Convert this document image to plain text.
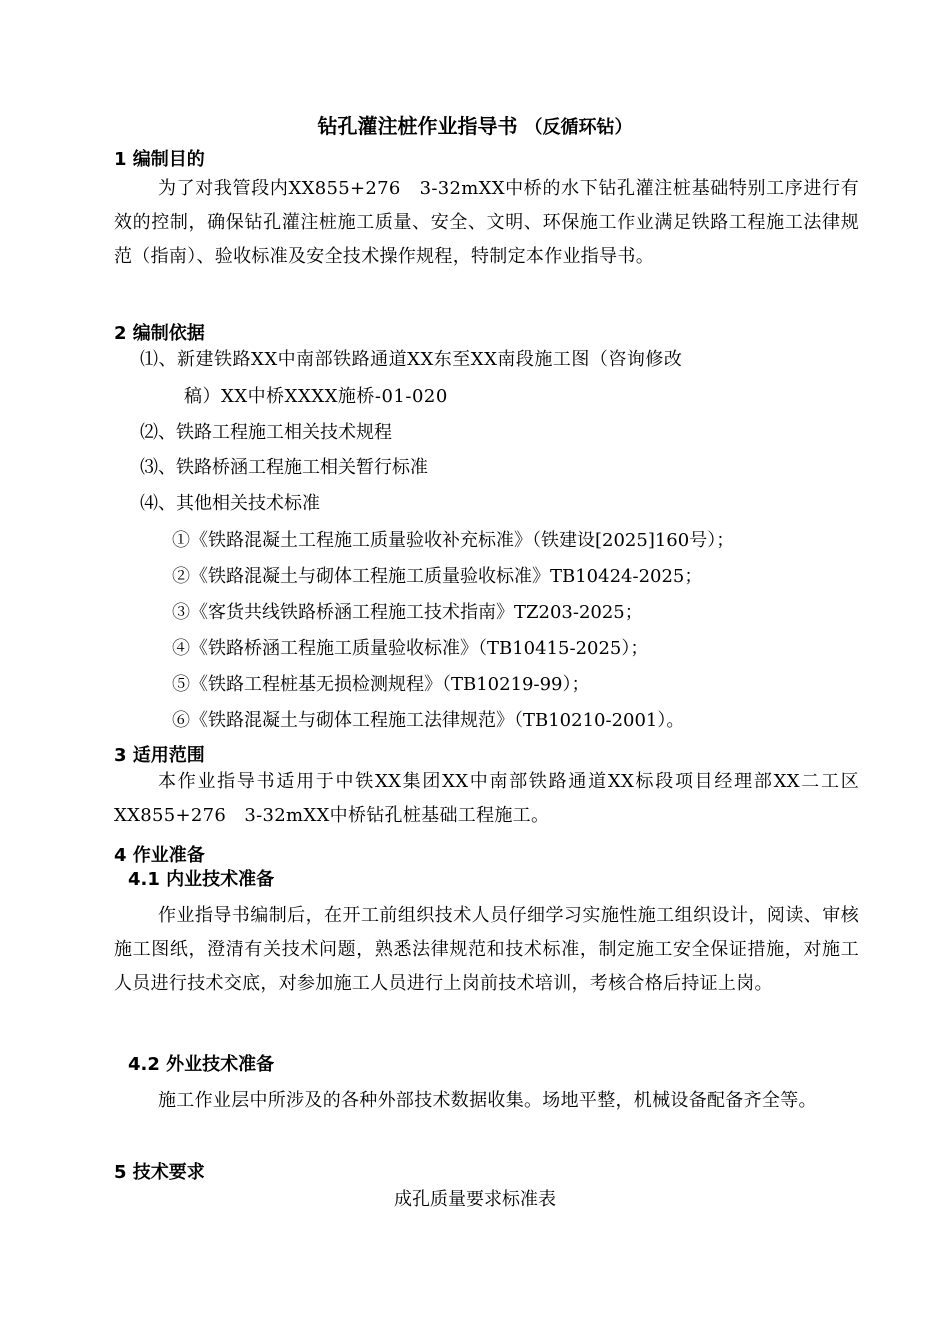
钻孔灌注桩作业指导书 （反循环钻）
1 编制目的
为了对我管段内XX855+276　3-32mXX中桥的水下钻孔灌注桩基础特别工序进行有效的控制，确保钻孔灌注桩施工质量、安全、文明、环保施工作业满足铁路工程施工法律规范（指南）、验收标准及安全技术操作规程，特制定本作业指导书。
2 编制依据
⑴、新建铁路XX中南部铁路通道XX东至XX南段施工图（咨询修改
稿）XX中桥XXXX施桥-01-020
⑵、铁路工程施工相关技术规程
⑶、铁路桥涵工程施工相关暂行标准
⑷、其他相关技术标准
①《铁路混凝土工程施工质量验收补充标准》（铁建设[2025]160号）；
②《铁路混凝土与砌体工程施工质量验收标准》TB10424-2025；
③《客货共线铁路桥涵工程施工技术指南》TZ203-2025；
④《铁路桥涵工程施工质量验收标准》（TB10415-2025）；
⑤《铁路工程桩基无损检测规程》（TB10219-99）；
⑥《铁路混凝土与砌体工程施工法律规范》（TB10210-2001）。
3 适用范围
本作业指导书适用于中铁XX集团XX中南部铁路通道XX标段项目经理部XX二工区XX855+276　3-32mXX中桥钻孔桩基础工程施工。
4 作业准备
4.1 内业技术准备
作业指导书编制后，在开工前组织技术人员仔细学习实施性施工组织设计，阅读、审核施工图纸，澄清有关技术问题，熟悉法律规范和技术标准，制定施工安全保证措施，对施工人员进行技术交底，对参加施工人员进行上岗前技术培训，考核合格后持证上岗。
4.2 外业技术准备
施工作业层中所涉及的各种外部技术数据收集。场地平整，机械设备配备齐全等。
5 技术要求
成孔质量要求标准表
